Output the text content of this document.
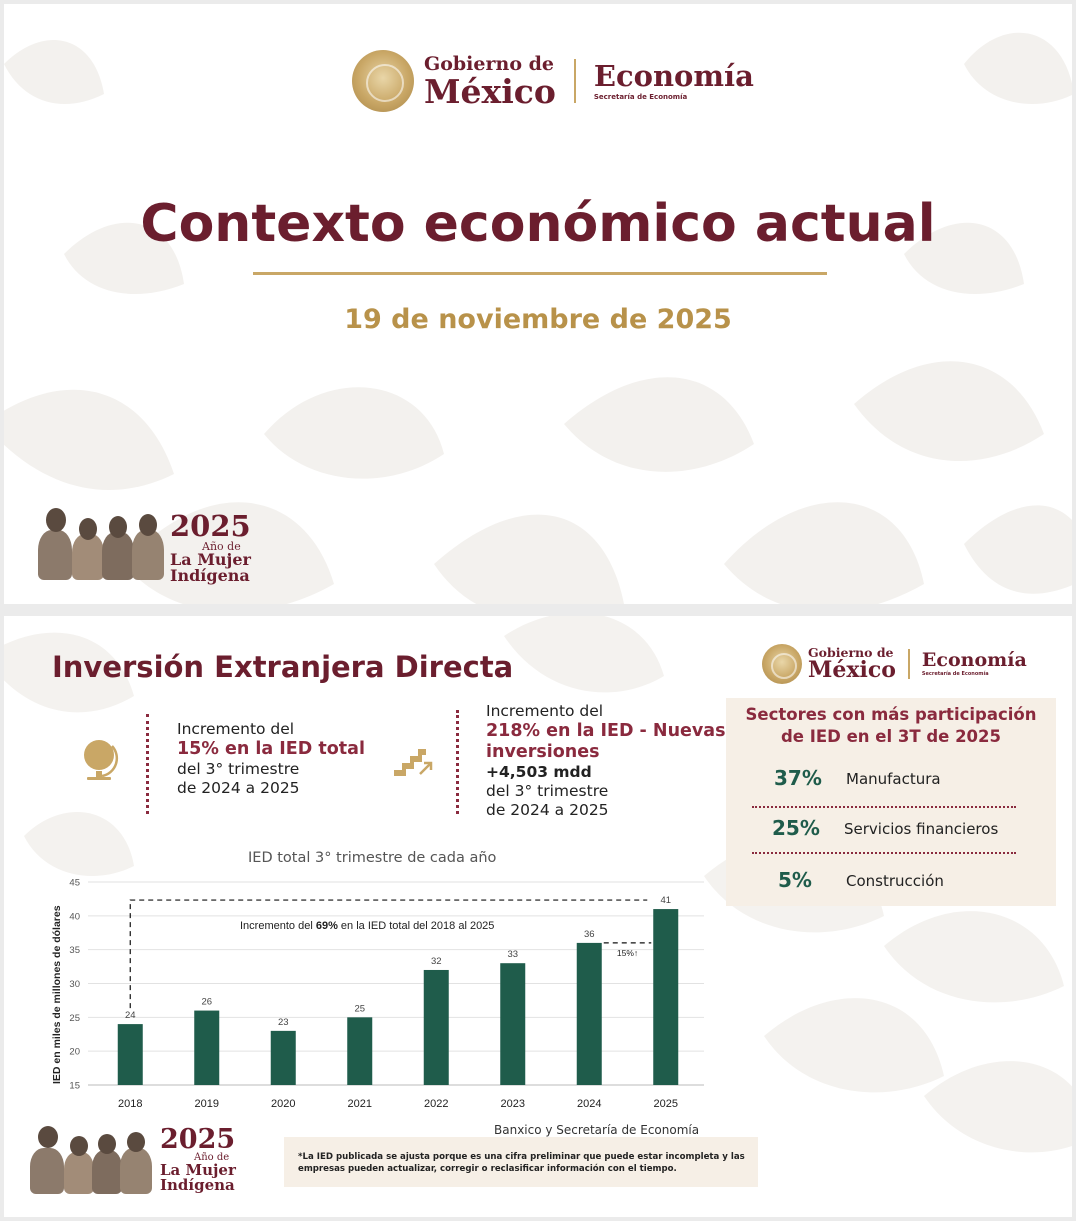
Gobierno de
México Economía
Secretaría de Economía
Contexto económico actual
19 de noviembre de 2025
2025
Año de
La Mujer
Indígena
Inversión Extranjera Directa	Gobierno de
México Economía
Secretaría de Economía
Incremento del
15% en la IED total
del 3° trimestre
de 2024 a 2025
Incremento del
218% en la IED - Nuevas
inversiones
+4,503 mdd
del 3° trimestre
de 2024 a 2025
Sectores con más participación
de IED en el 3T de 2025
37% Manufactura
25% Servicios financieros
5% Construcción
IED total 3° trimestre de cada año
15
20
25
30
35
40
45
24
26
23
25
32
33
36
41
Incremento del 69% en la IED total del 2018 al 2025
15%↑
2018	2019	2020	2021	2022	2023	2024	2025
IED en miles de millones de dólares
Banxico y Secretaría de Economía
*La IED publicada se ajusta porque es una cifra preliminar que puede estar incompleta y las empresas pueden actualizar, corregir o reclasificar información con el tiempo.
2025
Año de
La Mujer
Indígena
